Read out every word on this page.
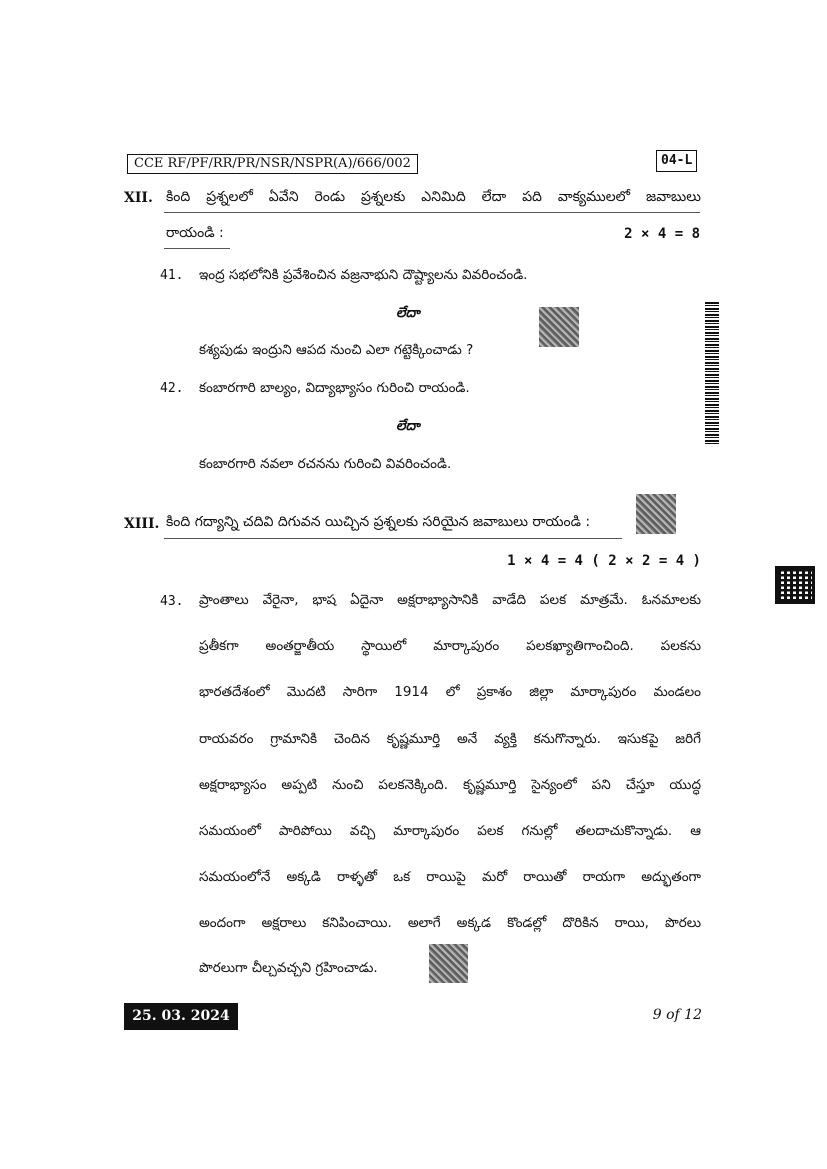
CCE RF/PF/RR/PR/NSR/NSPR(A)/666/002	04-L
XII. కింది ప్రశ్నలలో ఏవేని రెండు ప్రశ్నలకు ఎనిమిది లేదా పది వాక్యములలో జవాబులు
రాయండి :	2 × 4 = 8
41. ఇంద్ర సభలోనికి ప్రవేశించిన వజ్రనాభుని దౌష్ట్యాలను వివరించండి.
లేదా
కశ్యపుడు ఇంద్రుని ఆపద నుంచి ఎలా గట్టెక్కించాడు ?
42. కంబారగారి బాల్యం, విద్యాభ్యాసం గురించి రాయండి.
లేదా
కంబారగారి నవలా రచనను గురించి వివరించండి.
XIII. కింది గద్యాన్ని చదివి దిగువన యిచ్చిన ప్రశ్నలకు సరియైన జవాబులు రాయండి :
1 × 4 = 4 ( 2 × 2 = 4 )
43. ప్రాంతాలు వేరైనా, భాష ఏదైనా అక్షరాభ్యాసానికి వాడేది పలక మాత్రమే. ఓనమాలకు
ప్రతీకగా అంతర్జాతీయ స్థాయిలో మార్కాపురం పలకఖ్యాతిగాంచింది. పలకను
భారతదేశంలో మొదటి సారిగా 1914 లో ప్రకాశం జిల్లా మార్కాపురం మండలం
రాయవరం గ్రామానికి చెందిన కృష్ణమూర్తి అనే వ్యక్తి కనుగొన్నారు. ఇసుకపై జరిగే
అక్షరాభ్యాసం అప్పటి నుంచి పలకనెక్కింది. కృష్ణమూర్తి సైన్యంలో పని చేస్తూ యుద్ధ
సమయంలో పారిపోయి వచ్చి మార్కాపురం పలక గనుల్లో తలదాచుకొన్నాడు. ఆ
సమయంలోనే అక్కడి రాళ్ళతో ఒక రాయిపై మరో రాయితో రాయగా అద్భుతంగా
అందంగా అక్షరాలు కనిపించాయి. అలాగే అక్కడ కొండల్లో దొరికిన రాయి, పొరలు
పొరలుగా చీల్చవచ్చని గ్రహించాడు.
25. 03. 2024	9 of 12
